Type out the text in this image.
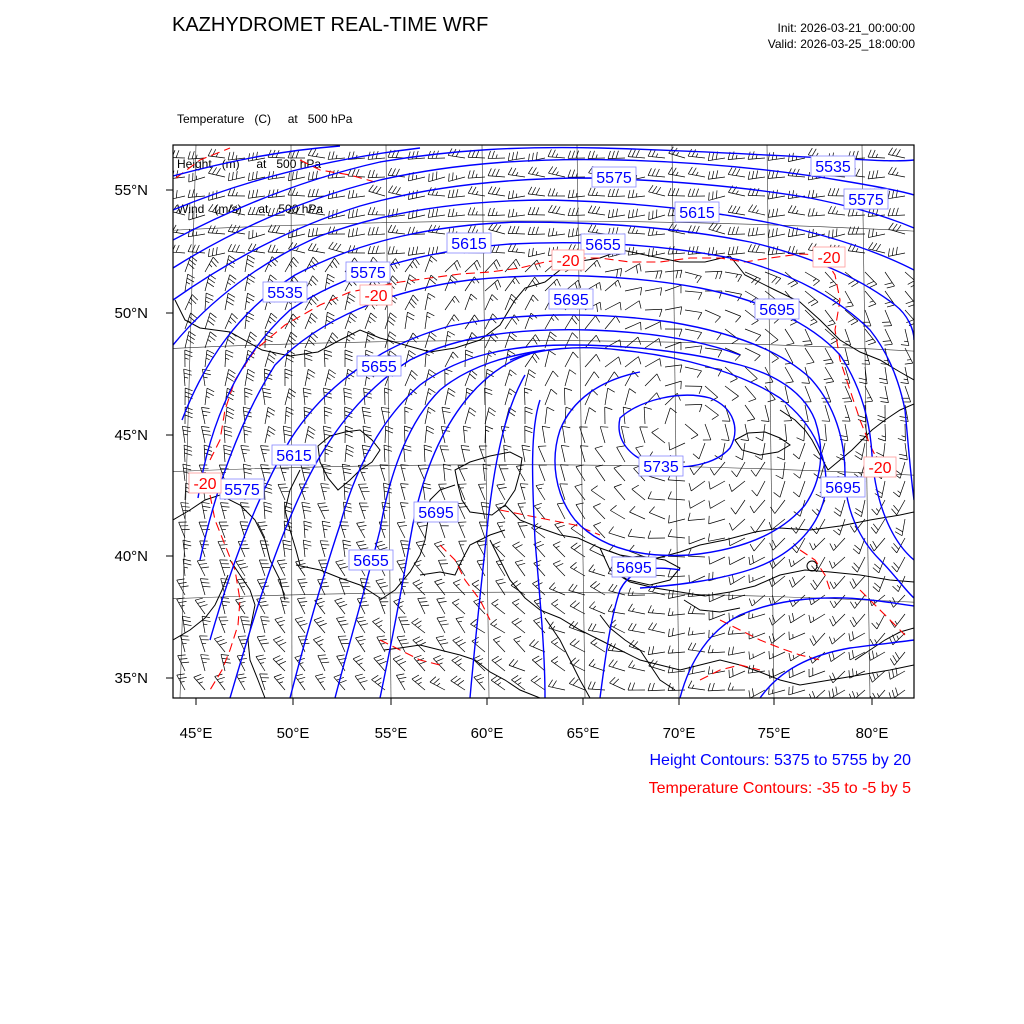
KAZHYDROMET REAL-TIME WRF	Init: 2026-03-21_00:00:00
Valid: 2026-03-25_18:00:00

Temperature   (C)     at   500 hPa

Height   (m)     at   500 hPa

Wind   (m/s)     at   500 hPa

5535
5575
5615
5575
5615
5655
5695
5535
5575
5695
5655
5615
5575
5695
5735
5695
5695
5655
-20
-20
-20
-20
-20
45°E	50°E	55°E	60°E	65°E	70°E	75°E	80°E
35°N
40°N
45°N
50°N
55°N
Height Contours: 5375 to 5755 by 20
Temperature Contours: -35 to -5 by 5
